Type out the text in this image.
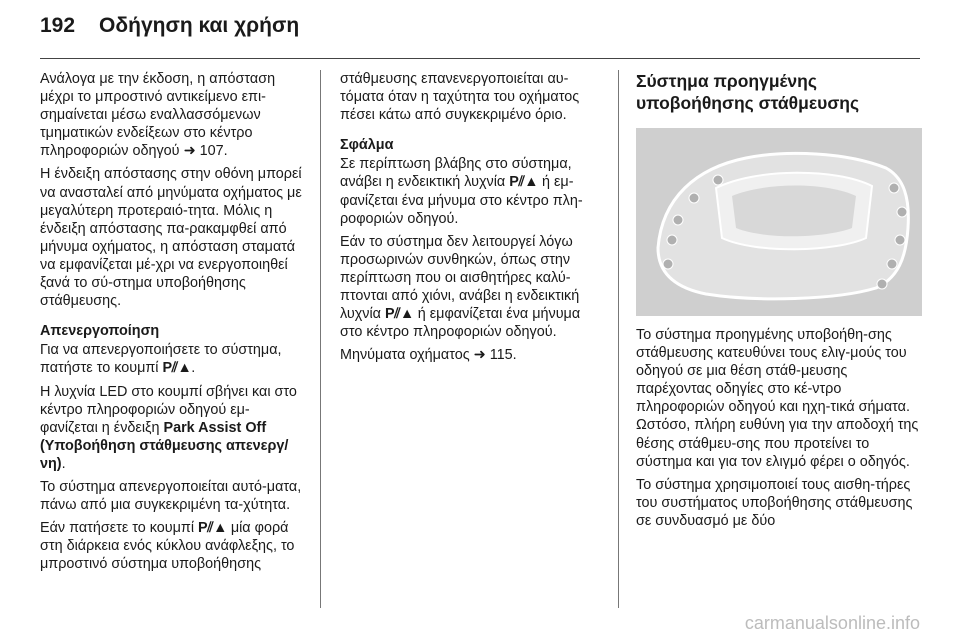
192 Οδήγηση και χρήση

Ανάλογα με την έκδοση, η απόσταση μέχρι το μπροστινό αντικείμενο επι-σημαίνεται μέσω εναλλασσόμενων τμηματικών ενδείξεων στο κέντρο πληροφοριών οδηγού ➜ 107.

Η ένδειξη απόστασης στην οθόνη μπορεί να ανασταλεί από μηνύματα οχήματος με μεγαλύτερη προτεραιό-τητα. Μόλις η ένδειξη απόστασης πα-ρακαμφθεί από μήνυμα οχήματος, η απόσταση σταματά να εμφανίζεται μέ-χρι να ενεργοποιηθεί ξανά το σύ-στημα υποβοήθησης στάθμευσης.

Απενεργοποίηση

Για να απενεργοποιήσετε το σύστημα, πατήστε το κουμπί P⫽▲.

Η λυχνία LED στο κουμπί σβήνει και στο κέντρο πληροφοριών οδηγού εμ-φανίζεται η ένδειξη Park Assist Off (Υποβοήθηση στάθμευσης απενεργ/ νη).

Το σύστημα απενεργοποιείται αυτό-ματα, πάνω από μια συγκεκριμένη τα-χύτητα.

Εάν πατήσετε το κουμπί P⫽▲ μία φορά στη διάρκεια ενός κύκλου ανάφλεξης, το μπροστινό σύστημα υποβοήθησης

στάθμευσης επανενεργοποιείται αυ-τόματα όταν η ταχύτητα του οχήματος πέσει κάτω από συγκεκριμένο όριο.

Σφάλμα

Σε περίπτωση βλάβης στο σύστημα, ανάβει η ενδεικτική λυχνία P⫽▲ ή εμ-φανίζεται ένα μήνυμα στο κέντρο πλη-ροφοριών οδηγού.

Εάν το σύστημα δεν λειτουργεί λόγω προσωρινών συνθηκών, όπως στην περίπτωση που οι αισθητήρες καλύ-πτονται από χιόνι, ανάβει η ενδεικτική λυχνία P⫽▲ ή εμφανίζεται ένα μήνυμα στο κέντρο πληροφοριών οδηγού.

Μηνύματα οχήματος ➜ 115.

Σύστημα προηγμένης υποβοήθησης στάθμευσης

Το σύστημα προηγμένης υποβοήθη-σης στάθμευσης κατευθύνει τους ελιγ-μούς του οδηγού σε μια θέση στάθ-μευσης παρέχοντας οδηγίες στο κέ-ντρο πληροφοριών οδηγού και ηχη-τικά σήματα. Ωστόσο, πλήρη ευθύνη για την αποδοχή της θέσης στάθμευ-σης που προτείνει το σύστημα και για τον ελιγμό φέρει ο οδηγός.

Το σύστημα χρησιμοποιεί τους αισθη-τήρες του συστήματος υποβοήθησης στάθμευσης σε συνδυασμό με δύο

carmanualsonline.info
